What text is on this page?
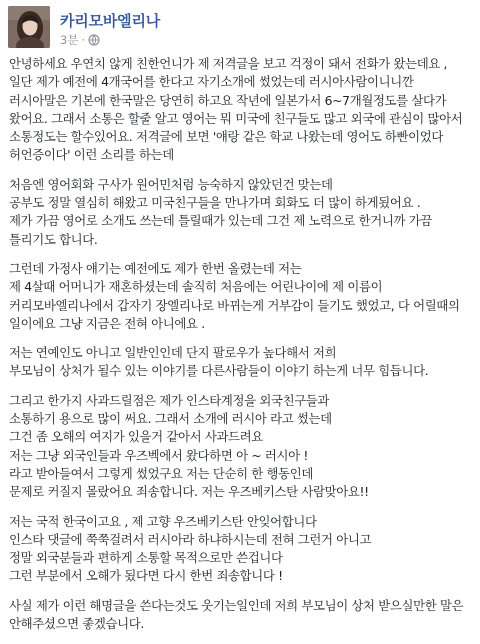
카리모바엘리나
3분 ·

안녕하세요 우연치 않게 친한언니가 제 저격글을 보고 걱정이 돼서 전화가 왔는데요 , 일단 제가 예전에 4개국어를 한다고 자기소개에 썼었는데 러시아사람이니니깐 러시아말은 기본에 한국말은 당연히 하고요 작년에 일본가서 6~7개월정도를 살다가 왔어요. 그래서 소통은 할줄 알고 영어는 뭐 미국에 친구들도 많고 외국에 관심이 많아서 소통정도는 할수있어요. 저격글에 보면 '얘랑 같은 학교 나왔는데 영어도 하빤이었다 허언증이다' 이런 소리를 하는데

처음엔 영어회화 구사가 원어민처럼 능숙하지 않았던건 맞는데
공부도 정말 열심히 해왔고 미국친구들을 만나가며 회화도 더 많이 하게됬어요 .
제가 가끔 영어로 소개도 쓰는데 틀릴때가 있는데 그건 제 노력으로 한거니까 가끔 틀리기도 합니다.

그런데 가정사 얘기는 예전에도 제가 한번 올렸는데 저는
제 4살때 어머니가 재혼하셨는데 솔직히 처음에는 어린나이에 제 이름이 커리모바엘리나에서 갑자기 장엘리나로 바뀌는게 거부감이 들기도 했었고, 다 어릴때의 일이에요 그냥 지금은 전혀 아니에요 .

저는 연예인도 아니고 일반인인데 단지 팔로우가 높다해서 저희
부모님이 상처가 될수 있는 이야기를 다른사람들이 이야기 하는게 너무 힘듭니다.

그리고 한가지 사과드릴점은 제가 인스타계정을 외국친구들과
소통하기 용으로 많이 써요. 그래서 소개에 러시아 라고 썼는데
그건 좀 오해의 여지가 있을거 같아서 사과드려요
저는 그냥 외국인들과 우즈벡에서 왔다하면 아 ~ 러시아 !
라고 받아들여서 그렇게 썼었구요 저는 단순히 한 행동인데
문제로 커질지 몰랐어요 죄송합니다. 저는 우즈베키스탄 사람맞아요!!

저는 국적 한국이고요 , 제 고향 우즈베키스탄 안잊어합니다
인스타 댓글에 쭉쭉걸려서 러시아라 하냐하시는데 전혀 그런거 아니고
정말 외국분들과 편하게 소통할 목적으로만 쓴겁니다
그런 부분에서 오해가 됬다면 다시 한번 죄송합니다 !

사실 제가 이런 해명글을 쓴다는것도 웃기는일인데 저희 부모님이 상처 받으실만한 말은 안해주셨으면 좋겠습니다.
